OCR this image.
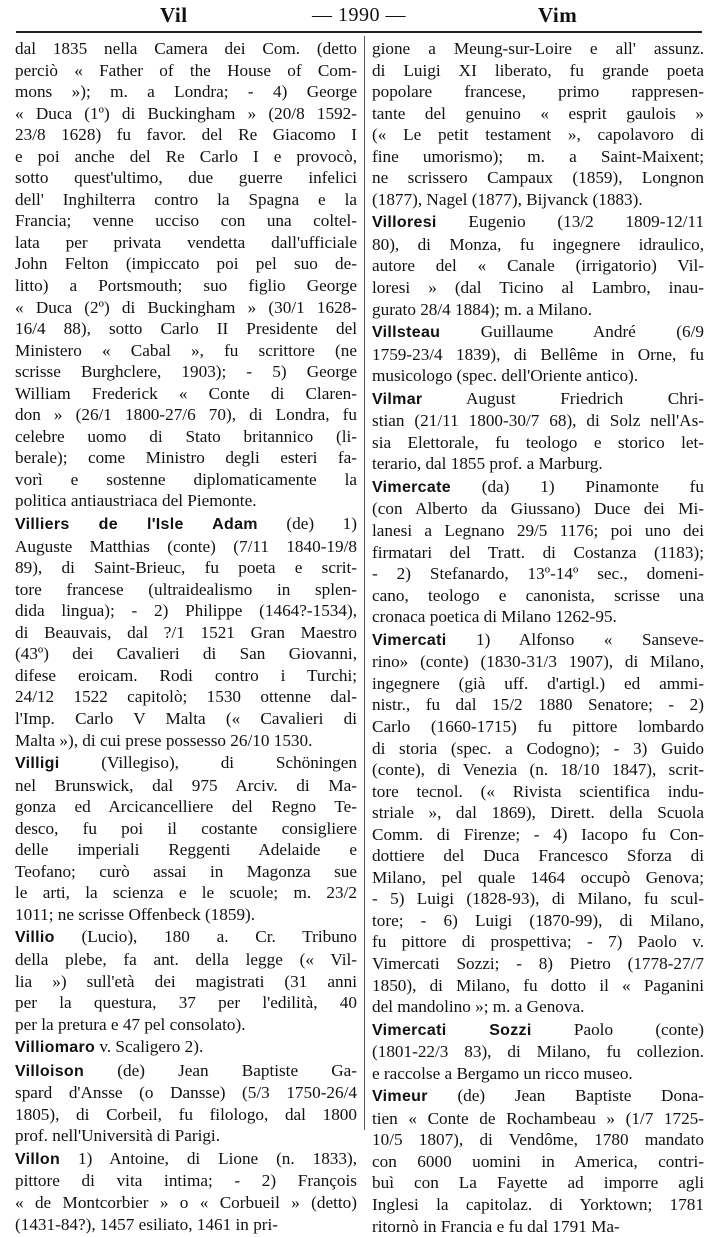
Vil	— 1990 —	Vim
dal 1835 nella Camera dei Com. (detto
perciò « Father of the House of Com-
mons »); m. a Londra; - 4) George
« Duca (1º) di Buckingham » (20/8 1592-
23/8 1628) fu favor. del Re Giacomo I
e poi anche del Re Carlo I e provocò,
sotto quest'ultimo, due guerre infelici
dell' Inghilterra contro la Spagna e la
Francia; venne ucciso con una coltel-
lata per privata vendetta dall'ufficiale
John Felton (impiccato poi pel suo de-
litto) a Portsmouth; suo figlio George
« Duca (2º) di Buckingham » (30/1 1628-
16/4 88), sotto Carlo II Presidente del
Ministero « Cabal », fu scrittore (ne
scrisse Burghclere, 1903); - 5) George
William Frederick « Conte di Claren-
don » (26/1 1800-27/6 70), di Londra, fu
celebre uomo di Stato britannico (li-
berale); come Ministro degli esteri fa-
vorì e sostenne diplomaticamente la
politica antiaustriaca del Piemonte.
Villiers de l'Isle Adam (de) 1)
Auguste Matthias (conte) (7/11 1840-19/8
89), di Saint-Brieuc, fu poeta e scrit-
tore francese (ultraidealismo in splen-
dida lingua); - 2) Philippe (1464?-1534),
di Beauvais, dal ?/1 1521 Gran Maestro
(43º) dei Cavalieri di San Giovanni,
difese eroicam. Rodi contro i Turchi;
24/12 1522 capitolò; 1530 ottenne dal-
l'Imp. Carlo V Malta (« Cavalieri di
Malta »), di cui prese possesso 26/10 1530.
Villigi (Villegiso), di Schöningen
nel Brunswick, dal 975 Arciv. di Ma-
gonza ed Arcicancelliere del Regno Te-
desco, fu poi il costante consigliere
delle imperiali Reggenti Adelaide e
Teofano; curò assai in Magonza sue
le arti, la scienza e le scuole; m. 23/2
1011; ne scrisse Offenbeck (1859).
Villio (Lucio), 180 a. Cr. Tribuno
della plebe, fa ant. della legge (« Vil-
lia ») sull'età dei magistrati (31 anni
per la questura, 37 per l'edilità, 40
per la pretura e 47 pel consolato).
Villiomaro v. Scaligero 2).
Villoison (de) Jean Baptiste Ga-
spard d'Ansse (o Dansse) (5/3 1750-26/4
1805), di Corbeil, fu filologo, dal 1800
prof. nell'Università di Parigi.
Villon 1) Antoine, di Lione (n. 1833),
pittore di vita intima; - 2) François
« de Montcorbier » o « Corbueil » (detto)
(1431-84?), 1457 esiliato, 1461 in pri-
gione a Meung-sur-Loire e all' assunz.
di Luigi XI liberato, fu grande poeta
popolare francese, primo rappresen-
tante del genuino « esprit gaulois »
(« Le petit testament », capolavoro di
fine umorismo); m. a Saint-Maixent;
ne scrissero Campaux (1859), Longnon
(1877), Nagel (1877), Bijvanck (1883).
Villoresi Eugenio (13/2 1809-12/11
80), di Monza, fu ingegnere idraulico,
autore del « Canale (irrigatorio) Vil-
loresi » (dal Ticino al Lambro, inau-
gurato 28/4 1884); m. a Milano.
Villsteau Guillaume André (6/9
1759-23/4 1839), di Bellême in Orne, fu
musicologo (spec. dell'Oriente antico).
Vilmar	August Friedrich Chri-
stian (21/11 1800-30/7 68), di Solz nell'As-
sia Elettorale, fu teologo e storico let-
terario, dal 1855 prof. a Marburg.
Vimercate (da) 1) Pinamonte fu
(con Alberto da Giussano) Duce dei Mi-
lanesi a Legnano 29/5 1176; poi uno dei
firmatari del Tratt. di Costanza (1183);
- 2) Stefanardo, 13º-14º sec., domeni-
cano, teologo e canonista, scrisse una
cronaca poetica di Milano 1262-95.
Vimercati 1) Alfonso « Sanseve-
rino» (conte) (1830-31/3 1907), di Milano,
ingegnere (già uff. d'artigl.) ed ammi-
nistr., fu dal 15/2 1880 Senatore; - 2)
Carlo (1660-1715) fu pittore lombardo
di storia (spec. a Codogno); - 3) Guido
(conte), di Venezia (n. 18/10 1847), scrit-
tore tecnol. (« Rivista scientifica indu-
striale », dal 1869), Dirett. della Scuola
Comm. di Firenze; - 4) Iacopo fu Con-
dottiere del Duca Francesco Sforza di
Milano, pel quale 1464 occupò Genova;
- 5) Luigi (1828-93), di Milano, fu scul-
tore; - 6) Luigi (1870-99), di Milano,
fu pittore di prospettiva; - 7) Paolo v.
Vimercati Sozzi; - 8) Pietro (1778-27/7
1850), di Milano, fu dotto il « Paganini
del mandolino »; m. a Genova.
Vimercati Sozzi Paolo (conte)
(1801-22/3 83), di Milano, fu collezion.
e raccolse a Bergamo un ricco museo.
Vimeur (de) Jean Baptiste Dona-
tien « Conte de Rochambeau » (1/7 1725-
10/5 1807), di Vendôme, 1780 mandato
con 6000 uomini in America, contri-
buì con La Fayette ad imporre agli
Inglesi la capitolaz. di Yorktown; 1781
ritornò in Francia e fu dal 1791 Ma-
